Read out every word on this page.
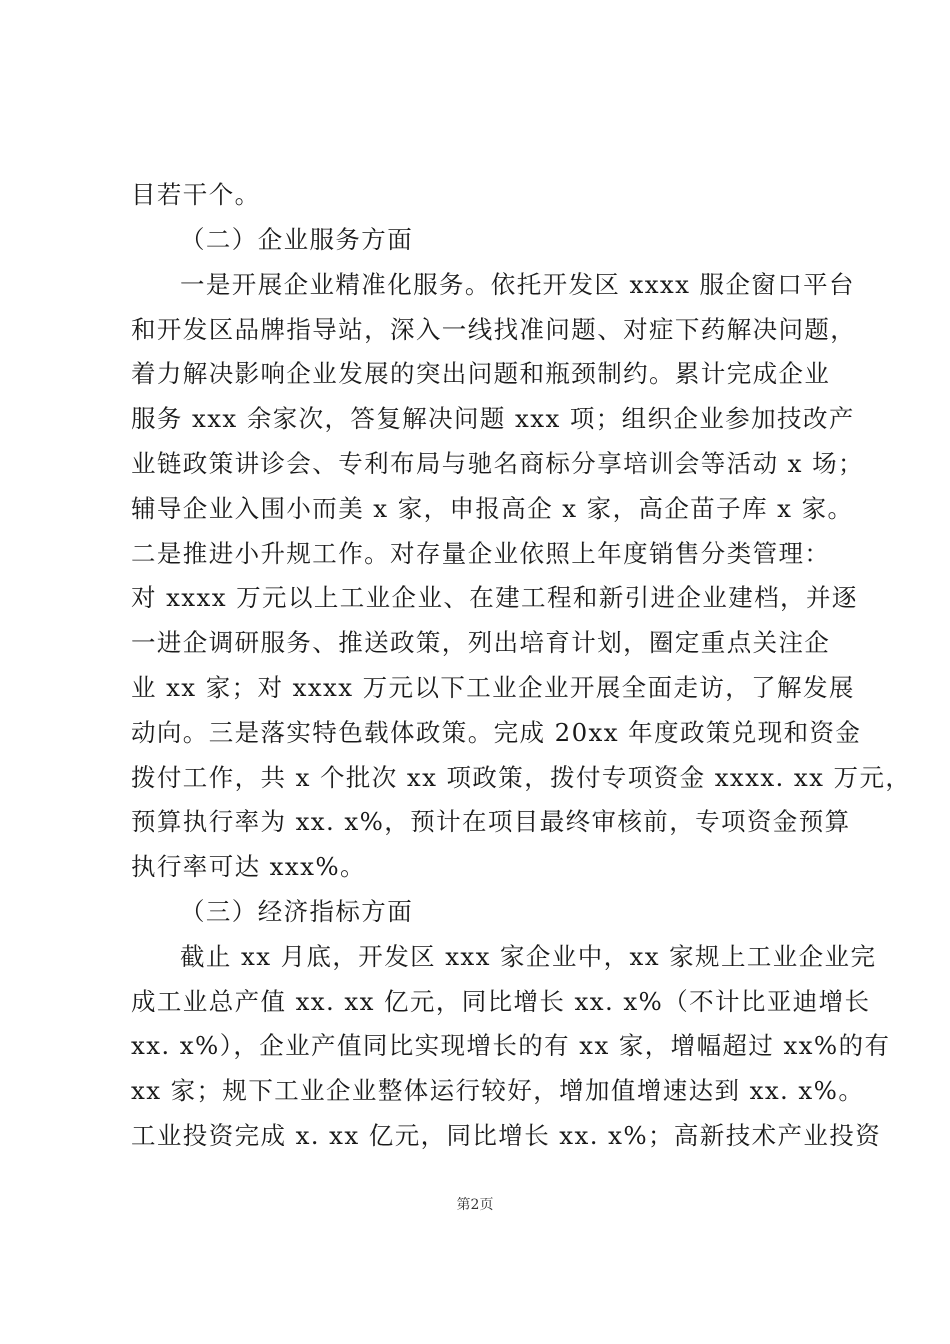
目若干个。
（二）企业服务方面
一是开展企业精准化服务。依托开发区 xxxx 服企窗口平台
和开发区品牌指导站，深入一线找准问题、对症下药解决问题，
着力解决影响企业发展的突出问题和瓶颈制约。累计完成企业
服务 xxx 余家次，答复解决问题 xxx 项；组织企业参加技改产
业链政策讲诊会、专利布局与驰名商标分享培训会等活动 x 场；
辅导企业入围小而美 x 家，申报高企 x 家，高企苗子库 x 家。
二是推进小升规工作。对存量企业依照上年度销售分类管理：
对 xxxx 万元以上工业企业、在建工程和新引进企业建档，并逐
一进企调研服务、推送政策，列出培育计划，圈定重点关注企
业 xx 家；对 xxxx 万元以下工业企业开展全面走访，了解发展
动向。三是落实特色载体政策。完成 20xx 年度政策兑现和资金
拨付工作，共 x 个批次 xx 项政策，拨付专项资金 xxxx. xx 万元，
预算执行率为 xx. x%，预计在项目最终审核前，专项资金预算
执行率可达 xxx%。
（三）经济指标方面
截止 xx 月底，开发区 xxx 家企业中，xx 家规上工业企业完
成工业总产值 xx. xx 亿元，同比增长 xx. x%（不计比亚迪增长
xx. x%），企业产值同比实现增长的有 xx 家，增幅超过 xx%的有
xx 家；规下工业企业整体运行较好，增加值增速达到 xx. x%。
工业投资完成 x. xx 亿元，同比增长 xx. x%；高新技术产业投资
第2页
